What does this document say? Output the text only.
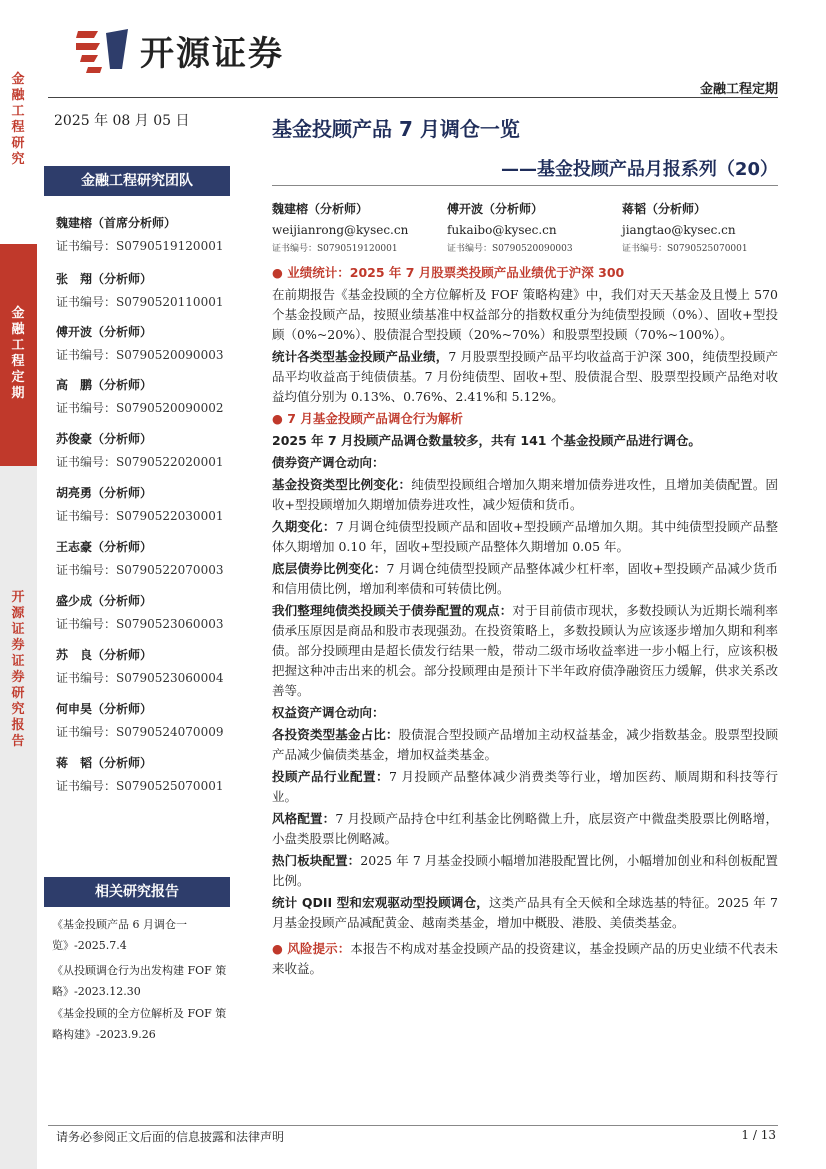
金融工程研究
金融工程定期
开源证券证券研究报告
开源证券
金融工程定期
2025 年 08 月 05 日	基金投顾产品 7 月调仓一览
——基金投顾产品月报系列（20）
魏建榕（分析师）
weijianrong@kysec.cn
证书编号：S0790519120001
傅开波（分析师）
fukaibo@kysec.cn
证书编号：S0790520090003
蒋韬（分析师）
jiangtao@kysec.cn
证书编号：S0790525070001
金融工程研究团队
魏建榕（首席分析师）
证书编号：S0790519120001
张　翔（分析师）
证书编号：S0790520110001
傅开波（分析师）
证书编号：S0790520090003
高　鹏（分析师）
证书编号：S0790520090002
苏俊豪（分析师）
证书编号：S0790522020001
胡亮勇（分析师）
证书编号：S0790522030001
王志豪（分析师）
证书编号：S0790522070003
盛少成（分析师）
证书编号：S0790523060003
苏　良（分析师）
证书编号：S0790523060004
何申昊（分析师）
证书编号：S0790524070009
蒋　韬（分析师）
证书编号：S0790525070001
相关研究报告
《基金投顾产品 6 月调仓一览》-2025.7.4
《从投顾调仓行为出发构建 FOF 策略》-2023.12.30
《基金投顾的全方位解析及 FOF 策略构建》-2023.9.26

● 业绩统计：2025 年 7 月股票类投顾产品业绩优于沪深 300

在前期报告《基金投顾的全方位解析及 FOF 策略构建》中，我们对天天基金及且慢上 570 个基金投顾产品，按照业绩基准中权益部分的指数权重分为纯债型投顾（0%）、固收+型投顾（0%~20%）、股债混合型投顾（20%~70%）和股票型投顾（70%~100%）。

统计各类型基金投顾产品业绩，7 月股票型投顾产品平均收益高于沪深 300，纯债型投顾产品平均收益高于纯债债基。7 月份纯债型、固收+型、股债混合型、股票型投顾产品绝对收益均值分别为 0.13%、0.76%、2.41%和 5.12%。

● 7 月基金投顾产品调仓行为解析

2025 年 7 月投顾产品调仓数量较多，共有 141 个基金投顾产品进行调仓。

债券资产调仓动向：

基金投资类型比例变化：纯债型投顾组合增加久期来增加债券进攻性，且增加美债配置。固收+型投顾增加久期增加债券进攻性，减少短债和货币。

久期变化：7 月调仓纯债型投顾产品和固收+型投顾产品增加久期。其中纯债型投顾产品整体久期增加 0.10 年，固收+型投顾产品整体久期增加 0.05 年。

底层债券比例变化：7 月调仓纯债型投顾产品整体减少杠杆率，固收+型投顾产品减少货币和信用债比例，增加利率债和可转债比例。

我们整理纯债类投顾关于债券配置的观点：对于目前债市现状，多数投顾认为近期长端利率债承压原因是商品和股市表现强劲。在投资策略上，多数投顾认为应该逐步增加久期和利率债。部分投顾理由是超长债发行结果一般，带动二级市场收益率进一步小幅上行，应该积极把握这种冲击出来的机会。部分投顾理由是预计下半年政府债净融资压力缓解，供求关系改善等。

权益资产调仓动向：

各投资类型基金占比：股债混合型投顾产品增加主动权益基金，减少指数基金。股票型投顾产品减少偏债类基金，增加权益类基金。

投顾产品行业配置：7 月投顾产品整体减少消费类等行业，增加医药、顺周期和科技等行业。

风格配置：7 月投顾产品持仓中红利基金比例略微上升，底层资产中微盘类股票比例略增，小盘类股票比例略减。

热门板块配置：2025 年 7 月基金投顾小幅增加港股配置比例，小幅增加创业和科创板配置比例。

统计 QDII 型和宏观驱动型投顾调仓，这类产品具有全天候和全球选基的特征。2025 年 7 月基金投顾产品减配黄金、越南类基金，增加中概股、港股、美债类基金。

● 风险提示：本报告不构成对基金投顾产品的投资建议，基金投顾产品的历史业绩不代表未来收益。

请务必参阅正文后面的信息披露和法律声明	1 / 13
